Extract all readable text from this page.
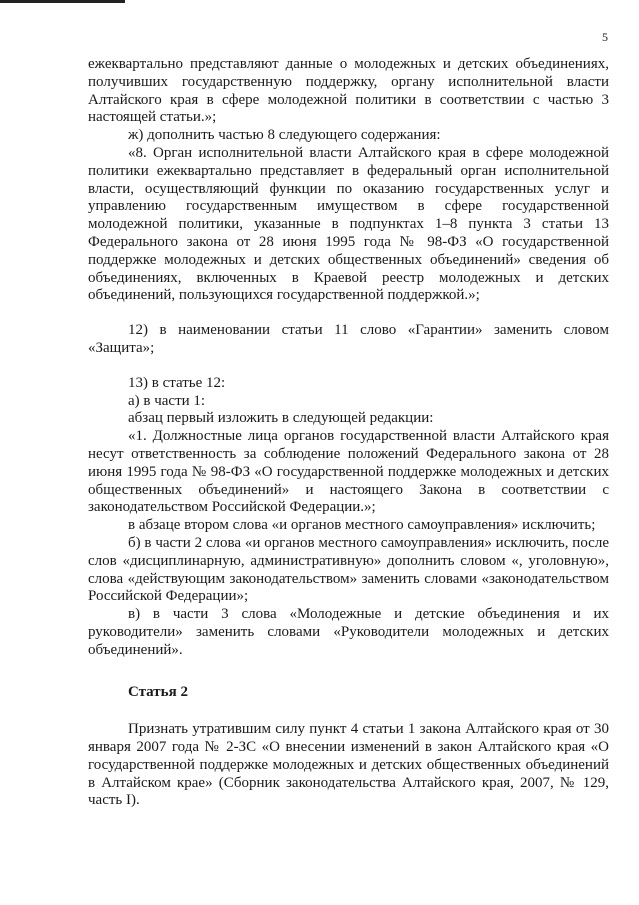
5

ежеквартально представляют данные о молодежных и детских объединениях, получивших государственную поддержку, органу исполнительной власти Алтайского края в сфере молодежной политики в соответствии с частью 3 настоящей статьи.»;

ж) дополнить частью 8 следующего содержания:

«8. Орган исполнительной власти Алтайского края в сфере молодежной политики ежеквартально представляет в федеральный орган исполнительной власти, осуществляющий функции по оказанию государственных услуг и управлению государственным имуществом в сфере государственной молодежной политики, указанные в подпунктах 1–8 пункта 3 статьи 13 Федерального закона от 28 июня 1995 года № 98-ФЗ «О государственной поддержке молодежных и детских общественных объединений» сведения об объединениях, включенных в Краевой реестр молодежных и детских объединений, пользующихся государственной поддержкой.»;

12) в наименовании статьи 11 слово «Гарантии» заменить словом «Защита»;

13) в статье 12:

а) в части 1:

абзац первый изложить в следующей редакции:

«1. Должностные лица органов государственной власти Алтайского края несут ответственность за соблюдение положений Федерального закона от 28 июня 1995 года № 98-ФЗ «О государственной поддержке молодежных и детских общественных объединений» и настоящего Закона в соответствии с законодательством Российской Федерации.»;

в абзаце втором слова «и органов местного самоуправления» исключить;

б) в части 2 слова «и органов местного самоуправления» исключить, после слов «дисциплинарную, административную» дополнить словом «, уголовную», слова «действующим законодательством» заменить словами «законодательством Российской Федерации»;

в) в части 3 слова «Молодежные и детские объединения и их руководители» заменить словами «Руководители молодежных и детских объединений».

Статья 2

Признать утратившим силу пункт 4 статьи 1 закона Алтайского края от 30 января 2007 года № 2-ЗС «О внесении изменений в закон Алтайского края «О государственной поддержке молодежных и детских общественных объединений в Алтайском крае» (Сборник законодательства Алтайского края, 2007, № 129, часть I).
